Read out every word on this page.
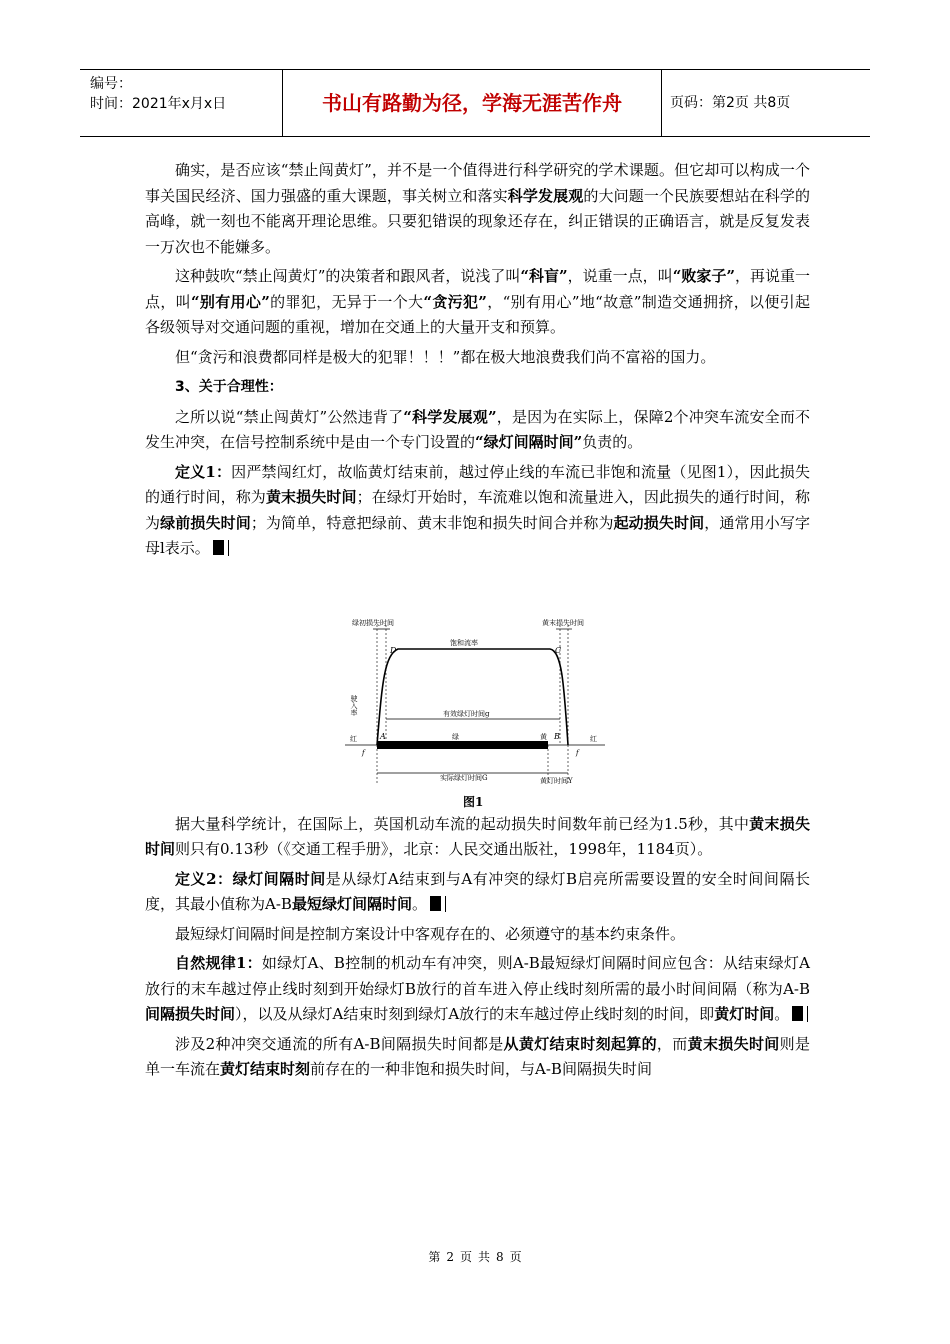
编号：
时间：2021年x月x日	书山有路勤为径，学海无涯苦作舟	页码：第2页 共8页
确实，是否应该“禁止闯黄灯”，并不是一个值得进行科学研究的学术课题。但它却可以构成一个事关国民经济、国力强盛的重大课题，事关树立和落实科学发展观的大问题一个民族要想站在科学的高峰，就一刻也不能离开理论思维。只要犯错误的现象还存在，纠正错误的正确语言，就是反复发表一万次也不能嫌多。
这种鼓吹“禁止闯黄灯”的决策者和跟风者，说浅了叫“科盲”，说重一点，叫“败家子”，再说重一点，叫“别有用心”的罪犯，无异于一个大“贪污犯”，“别有用心”地“故意”制造交通拥挤，以便引起各级领导对交通问题的重视，增加在交通上的大量开支和预算。
但“贪污和浪费都同样是极大的犯罪！！！”都在极大地浪费我们尚不富裕的国力。
3、关于合理性：
之所以说“禁止闯黄灯”公然违背了“科学发展观”，是因为在实际上，保障2个冲突车流安全而不发生冲突，在信号控制系统中是由一个专门设置的“绿灯间隔时间”负责的。
定义1：因严禁闯红灯，故临黄灯结束前，越过停止线的车流已非饱和流量（见图1），因此损失的通行时间，称为黄末损失时间；在绿灯开始时，车流难以饱和流量进入，因此损失的通行时间，称为绿前损失时间；为简单，特意把绿前、黄末非饱和损失时间合并称为起动损失时间，通常用小写字母l表示。
据大量科学统计，在国际上，英国机动车流的起动损失时间数年前已经为1.5秒，其中黄末损失时间则只有0.13秒（《交通工程手册》，北京：人民交通出版社，1998年，1184页）。
定义2：绿灯间隔时间是从绿灯A结束到与A有冲突的绿灯B启亮所需要设置的安全时间间隔长度，其最小值称为A-B最短绿灯间隔时间。
最短绿灯间隔时间是控制方案设计中客观存在的、必须遵守的基本约束条件。
自然规律1：如绿灯A、B控制的机动车有冲突，则A-B最短绿灯间隔时间应包含：从结束绿灯A放行的末车越过停止线时刻到开始绿灯B放行的首车进入停止线时刻所需的最小时间间隔（称为A-B间隔损失时间），以及从绿灯A结束时刻到绿灯A放行的末车越过停止线时刻的时间，即黄灯时间。
涉及2种冲突交通流的所有A-B间隔损失时间都是从黄灯结束时刻起算的，而黄末损失时间则是单一车流在黄灯结束时刻前存在的一种非饱和损失时间，与A-B间隔损失时间
绿初损失时间	黄末损失时间
饱和流率
D	C
驶入率	有效绿灯时间g
红
f
A	绿	黄 B
f
红
实际绿灯时间G	黄灯时间Y
图1
第 2 页 共 8 页
